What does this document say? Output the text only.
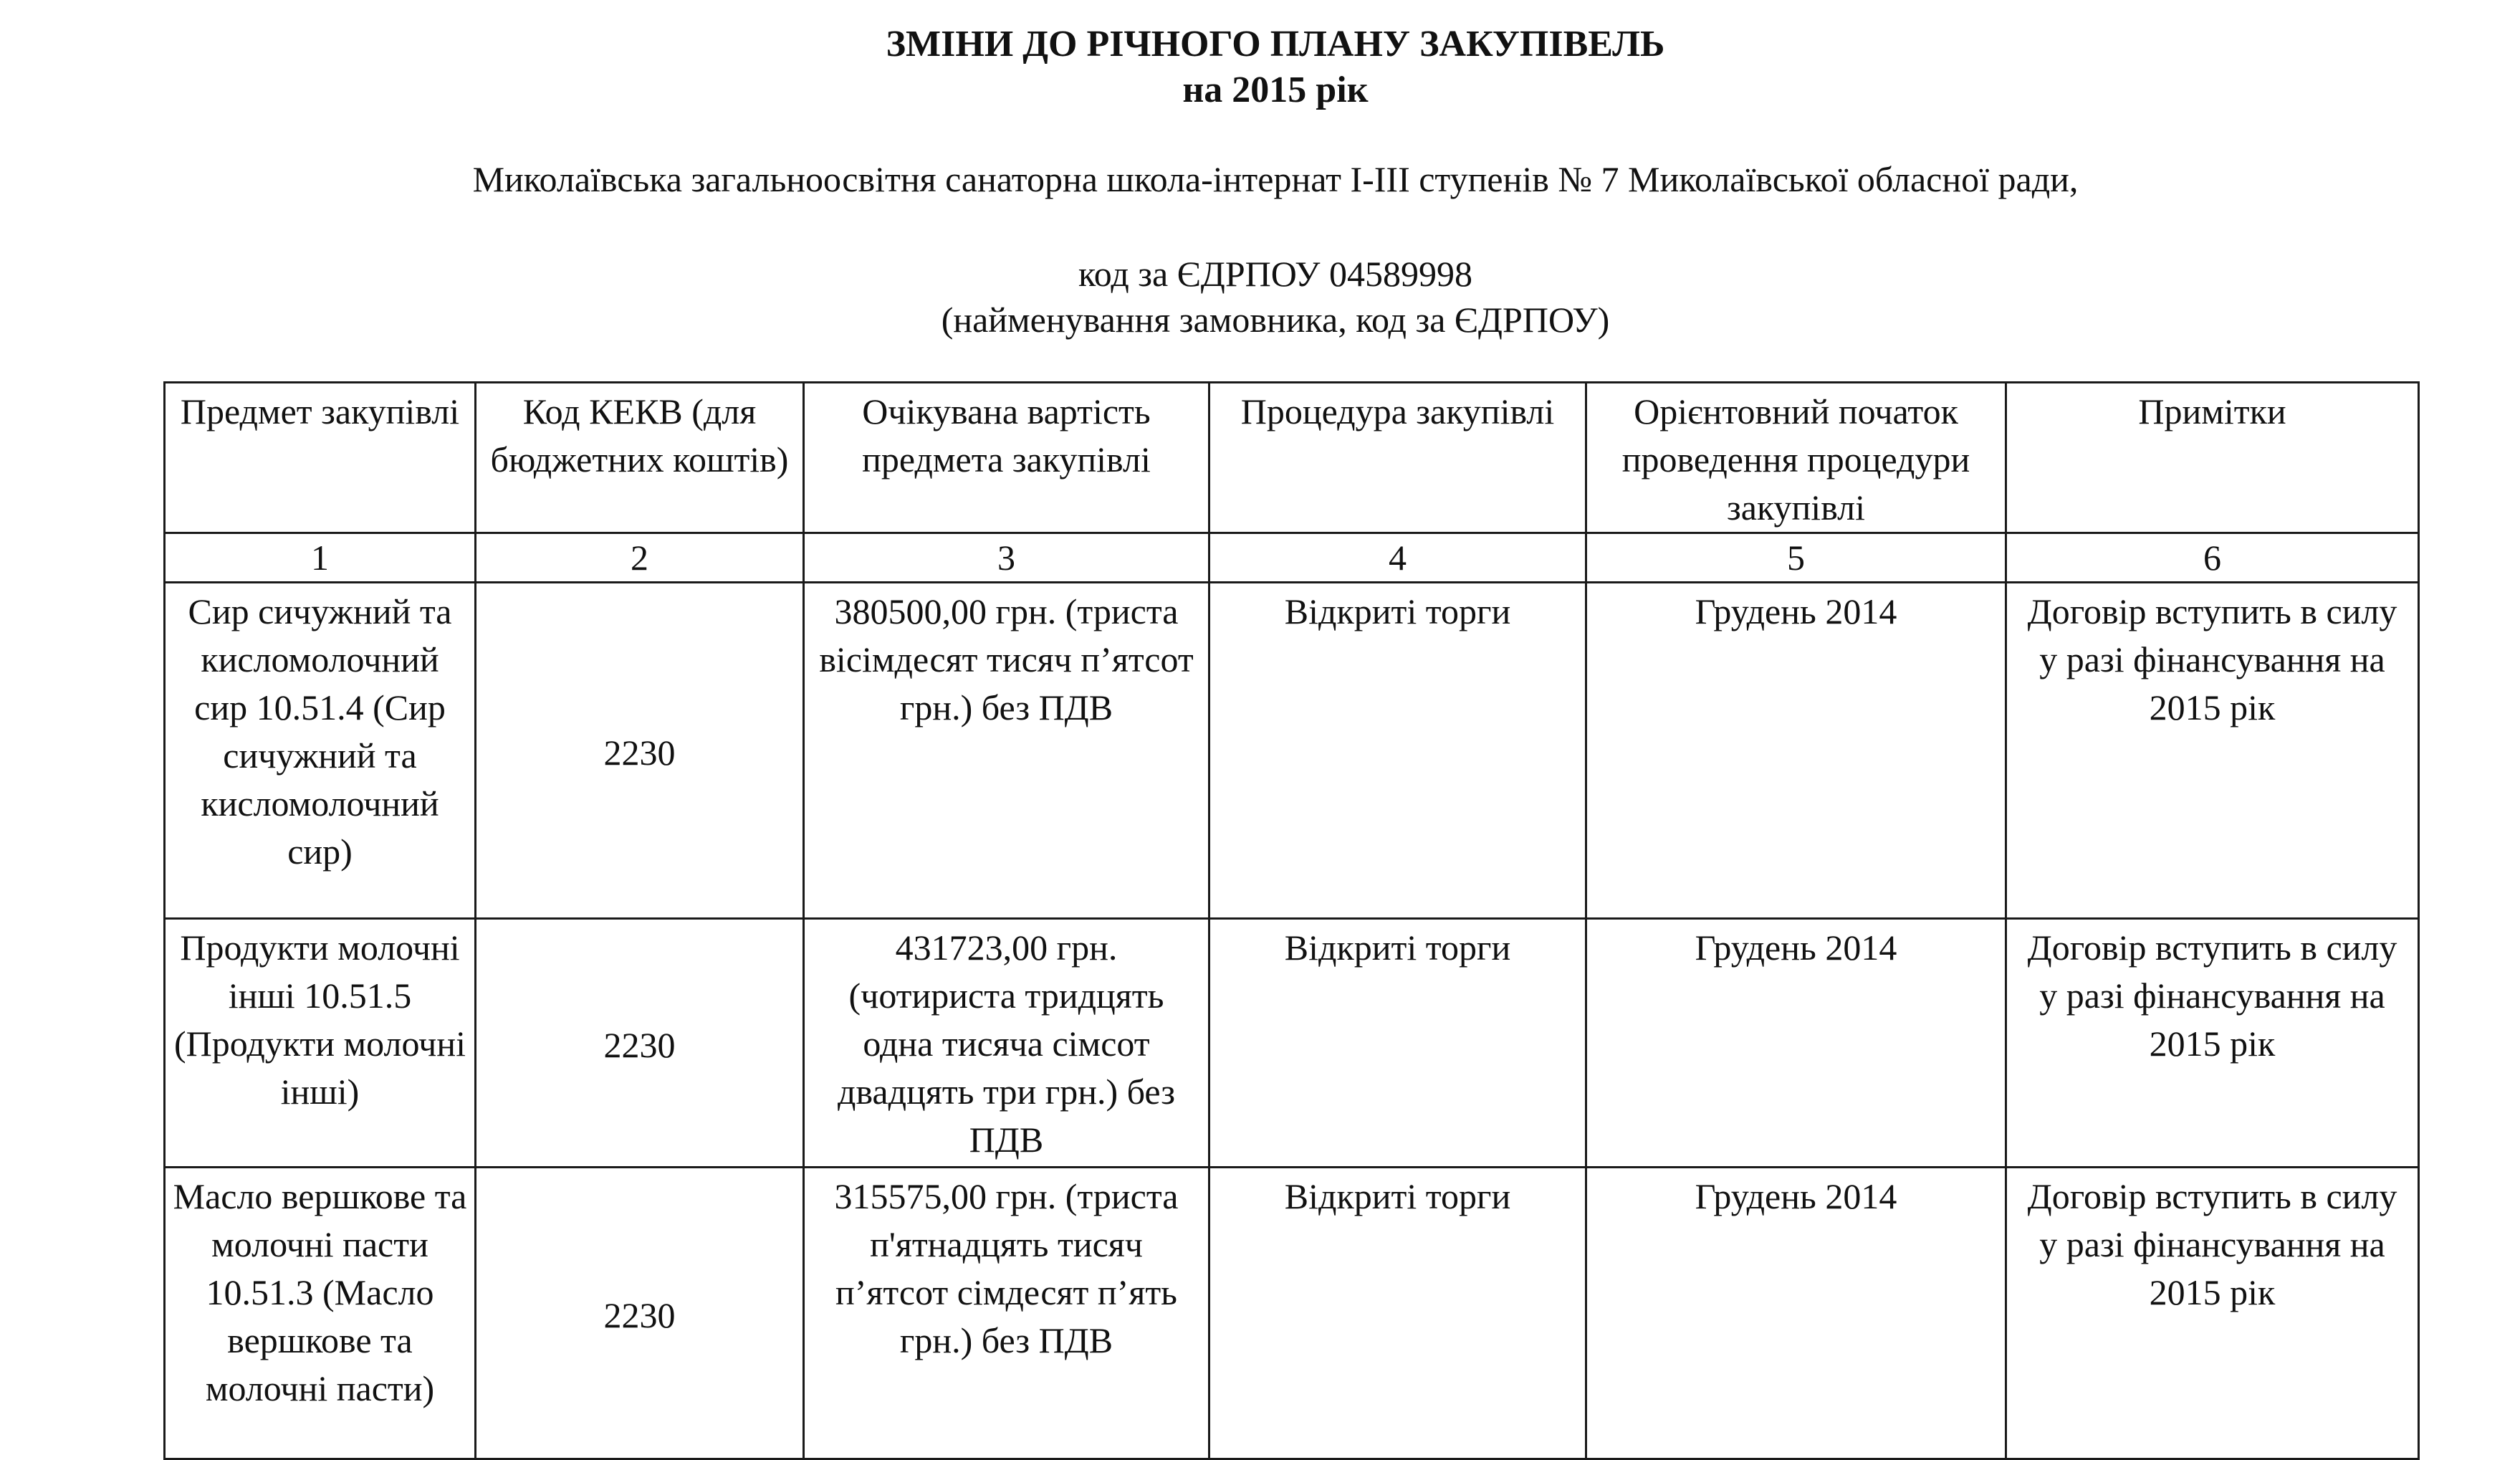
ЗМІНИ ДО РІЧНОГО ПЛАНУ ЗАКУПІВЕЛЬ
на 2015 рік
Миколаївська загальноосвітня санаторна школа-інтернат І-ІІІ ступенів № 7 Миколаївської обласної ради,
код за ЄДРПОУ 04589998
(найменування замовника, код за ЄДРПОУ)
Предмет закупівлі	Код КЕКВ (для бюджетних коштів)	Очікувана вартість предмета закупівлі	Процедура закупівлі	Орієнтовний початок проведення процедури закупівлі	Примітки
1	2	3	4	5	6
Сир сичужний та кисломолочний сир 10.51.4 (Сир сичужний та кисломолочний сир)	2230	380500,00 грн. (триста вісімдесят тисяч п’ятсот грн.) без ПДВ	Відкриті торги	Грудень 2014	Договір вступить в силу у разі фінансування на 2015 рік
Продукти молочні інші 10.51.5 (Продукти молочні інші)	2230	431723,00 грн. (чотириста тридцять одна тисяча сімсот двадцять три грн.) без ПДВ	Відкриті торги	Грудень 2014	Договір вступить в силу у разі фінансування на 2015 рік
Масло вершкове та молочні пасти 10.51.3 (Масло вершкове та молочні пасти)	2230	315575,00 грн. (триста п'ятнадцять тисяч п’ятсот сімдесят п’ять грн.) без ПДВ	Відкриті торги	Грудень 2014	Договір вступить в силу у разі фінансування на 2015 рік
